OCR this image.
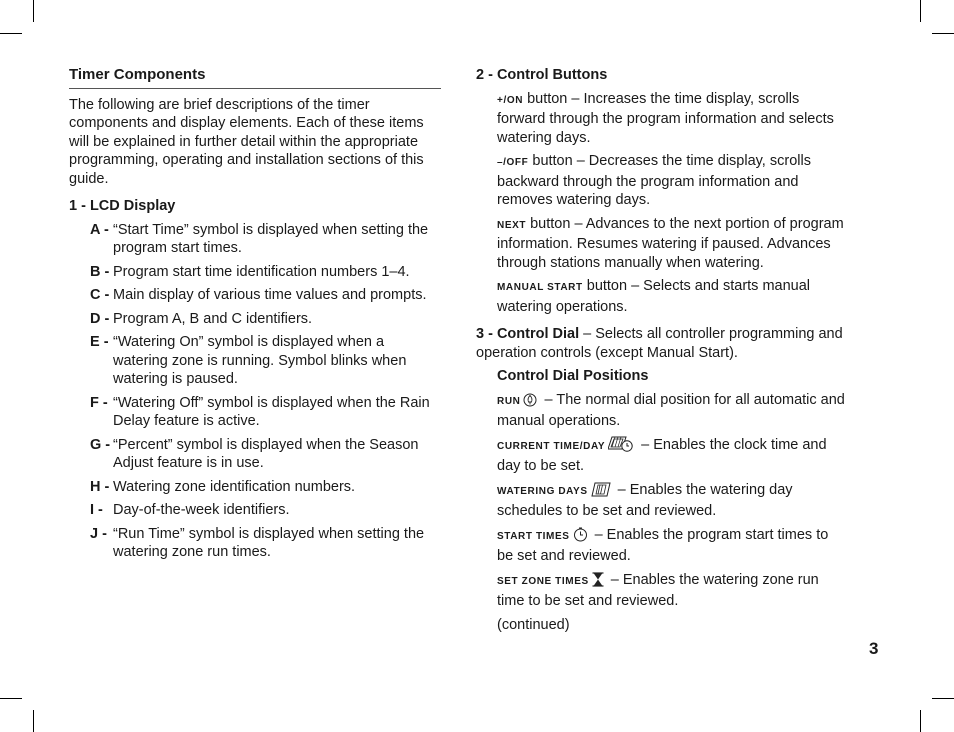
Timer Components

The following are brief descriptions of the timer components and display elements. Each of these items will be explained in further detail within the appropriate programming, operating and installation sections of this guide.

1 - LCD Display

A - “Start Time” symbol is displayed when setting the program start times.
B - Program start time identification numbers 1–4.
C - Main display of various time values and prompts.
D - Program A, B and C identifiers.
E - “Watering On” symbol is displayed when a watering zone is running. Symbol blinks when watering is paused.
F - “Watering Off” symbol is displayed when the Rain Delay feature is active.
G - “Percent” symbol is displayed when the Season Adjust feature is in use.
H - Watering zone identification numbers.
I - Day-of-the-week identifiers.
J - “Run Time” symbol is displayed when setting the watering zone run times.

2 - Control Buttons

+/ON button – Increases the time display, scrolls forward through the program information and selects watering days.
–/OFF button – Decreases the time display, scrolls backward through the program information and removes watering days.
NEXT button – Advances to the next portion of program information. Resumes watering if paused. Advances through stations manually when watering.
MANUAL START button – Selects and starts manual watering operations.

3 - Control Dial – Selects all controller programming and operation controls (except Manual Start).

Control Dial Positions

RUN – The normal dial position for all automatic and manual operations.
CURRENT TIME/DAY – Enables the clock time and day to be set.
WATERING DAYS – Enables the watering day schedules to be set and reviewed.
START TIMES – Enables the program start times to be set and reviewed.
SET ZONE TIMES – Enables the watering zone run time to be set and reviewed.
(continued)
3
